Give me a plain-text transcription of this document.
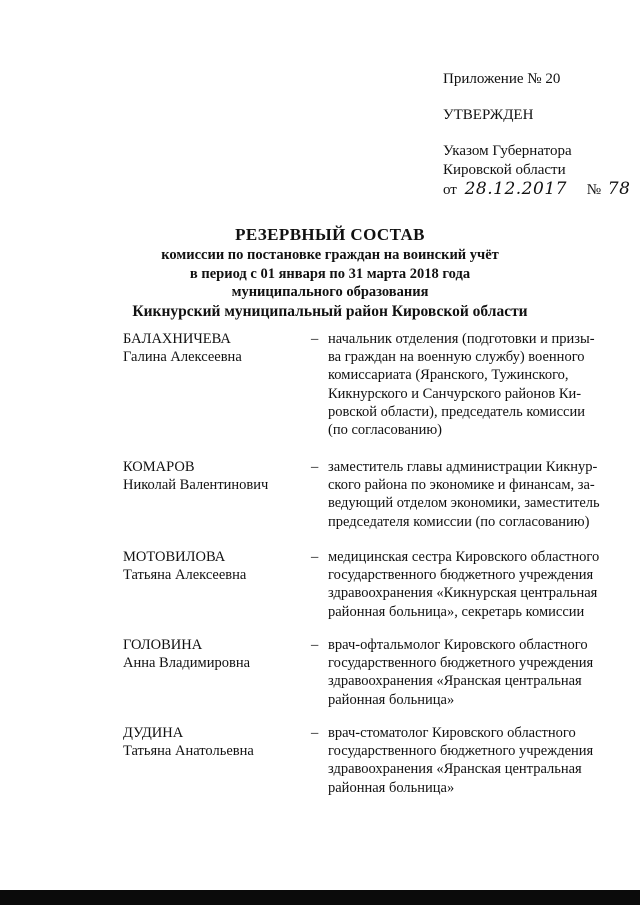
Приложение № 20
УТВЕРЖДЕН
Указом Губернатора
Кировской области
от 28.12.2017 № 78
РЕЗЕРВНЫЙ СОСТАВ
комиссии по постановке граждан на воинский учёт
в период с 01 января по 31 марта 2018 года
муниципального образования
Кикнурский муниципальный район Кировской области
БАЛАХНИЧЕВА
Галина Алексеевна
– начальник отделения (подготовки и призы-
ва граждан на военную службу) военного
комиссариата (Яранского, Тужинского,
Кикнурского и Санчурского районов Ки-
ровской области), председатель комиссии
(по согласованию)
КОМАРОВ
Николай Валентинович
– заместитель главы администрации Кикнур-
ского района по экономике и финансам, за-
ведующий отделом экономики, заместитель
председателя комиссии (по согласованию)
МОТОВИЛОВА
Татьяна Алексеевна
– медицинская сестра Кировского областного
государственного бюджетного учреждения
здравоохранения «Кикнурская центральная
районная больница», секретарь комиссии
ГОЛОВИНА
Анна Владимировна
– врач-офтальмолог Кировского областного
государственного бюджетного учреждения
здравоохранения «Яранская центральная
районная больница»
ДУДИНА
Татьяна Анатольевна
– врач-стоматолог Кировского областного
государственного бюджетного учреждения
здравоохранения «Яранская центральная
районная больница»
